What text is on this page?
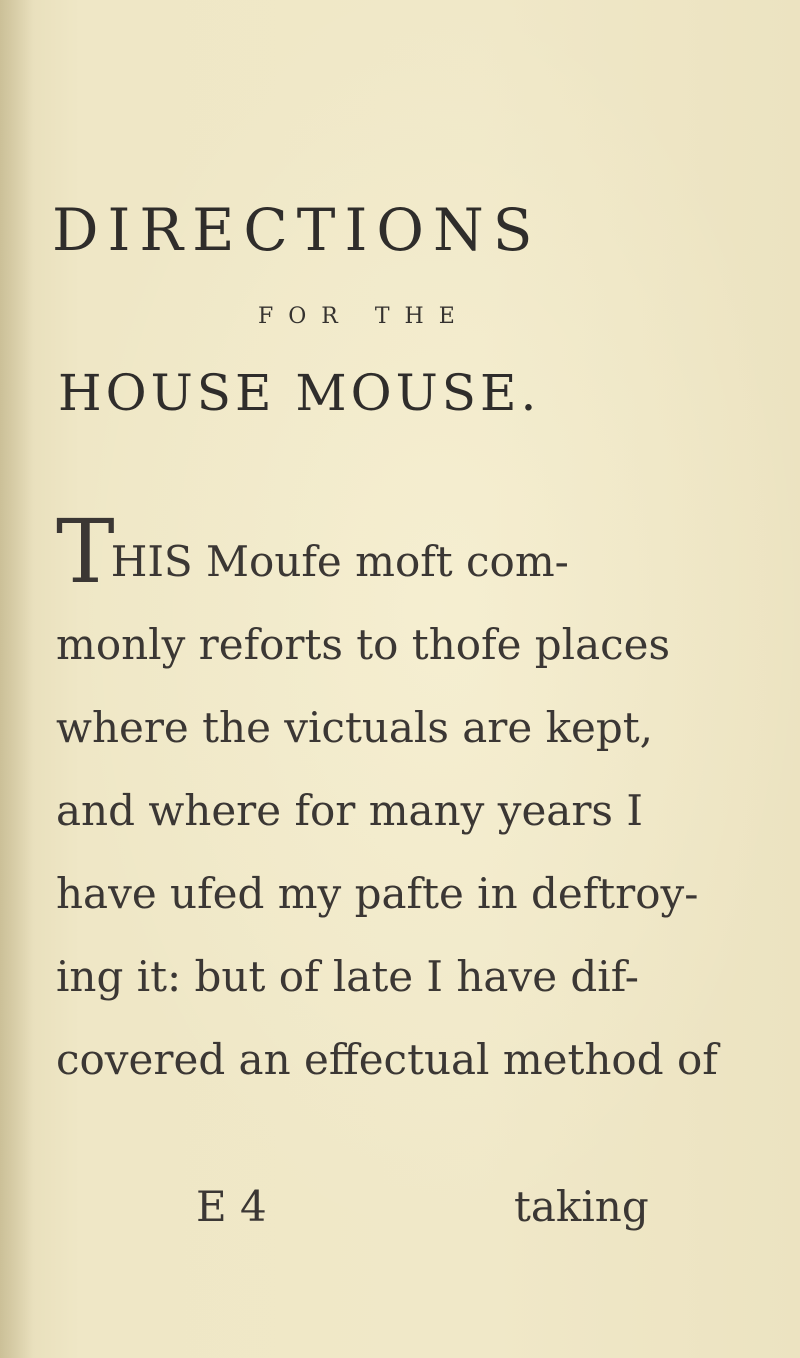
DIRECTIONS
FOR THE
HOUSE MOUSE.
THIS Moufe moft com-
monly reforts to thofe places
where the victuals are kept,
and where for many years I
have ufed my pafte in deftroy-
ing it: but of late I have dif-
covered an effectual method of
E 4	taking
